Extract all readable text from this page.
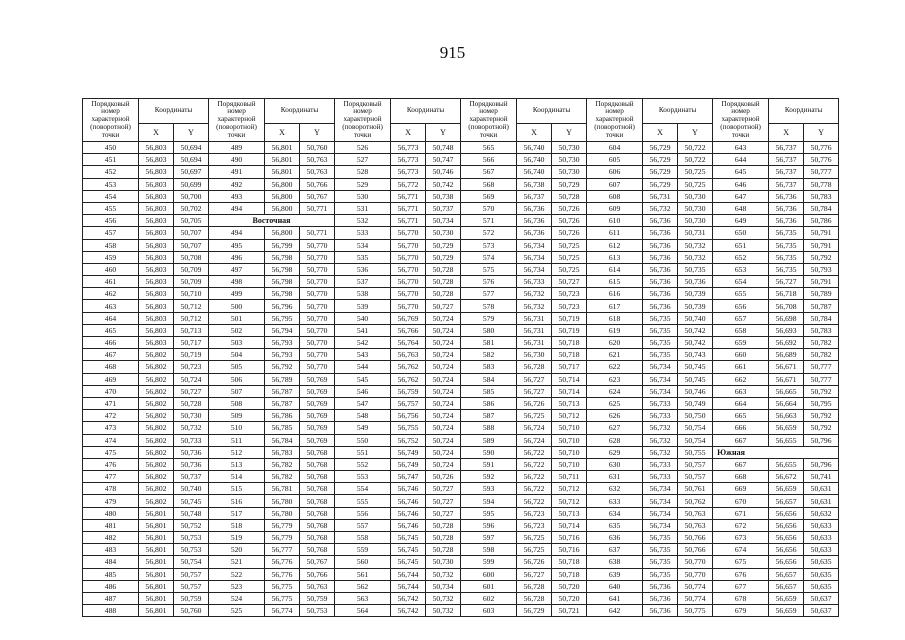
915
Порядковый номер характерной (поворотной) точки	Координаты		Порядковый номер характерной (поворотной) точки	Координаты		Порядковый номер характерной (поворотной) точки	Координаты		Порядковый номер характерной (поворотной) точки	Координаты		Порядковый номер характерной (поворотной) точки	Координаты		Порядковый номер характерной (поворотной) точки	Координаты	
	X	Y		X	Y		X	Y		X	Y		X	Y		X	Y
450	56,803	50,694	489	56,801	50,760	526	56,773	50,748	565	56,740	50,730	604	56,729	50,722	643	56,737	50,776
451	56,803	50,694	490	56,801	50,763	527	56,773	50,747	566	56,740	50,730	605	56,729	50,722	644	56,737	50,776
452	56,803	50,697	491	56,801	50,763	528	56,773	50,746	567	56,740	50,730	606	56,729	50,725	645	56,737	50,777
453	56,803	50,699	492	56,800	50,766	529	56,772	50,742	568	56,738	50,729	607	56,729	50,725	646	56,737	50,778
454	56,803	50,700	493	56,800	50,767	530	56,771	50,738	569	56,737	50,728	608	56,731	50,730	647	56,736	50,783
455	56,803	50,702	494	56,800	50,771	531	56,771	50,737	570	56,736	50,726	609	56,732	50,730	648	56,736	50,784
456	56,803	50,705	Восточная			532	56,771	50,734	571	56,736	50,726	610	56,736	50,730	649	56,736	50,786
457	56,803	50,707	494	56,800	50,771	533	56,770	50,730	572	56,736	50,726	611	56,736	50,731	650	56,735	50,791
458	56,803	50,707	495	56,799	50,770	534	56,770	50,729	573	56,734	50,725	612	56,736	50,732	651	56,735	50,791
459	56,803	50,708	496	56,798	50,770	535	56,770	50,729	574	56,734	50,725	613	56,736	50,732	652	56,735	50,792
460	56,803	50,709	497	56,798	50,770	536	56,770	50,728	575	56,734	50,725	614	56,736	50,735	653	56,735	50,793
461	56,803	50,709	498	56,798	50,770	537	56,770	50,728	576	56,733	50,727	615	56,736	50,736	654	56,727	50,791
462	56,803	50,710	499	56,798	50,770	538	56,770	50,728	577	56,732	50,723	616	56,736	50,739	655	56,718	50,789
463	56,803	50,712	500	56,796	50,770	539	56,770	50,727	578	56,732	50,723	617	56,736	50,739	656	56,708	50,787
464	56,803	50,712	501	56,795	50,770	540	56,769	50,724	579	56,731	50,719	618	56,735	50,740	657	56,698	50,784
465	56,803	50,713	502	56,794	50,770	541	56,766	50,724	580	56,731	50,719	619	56,735	50,742	658	56,693	50,783
466	56,803	50,717	503	56,793	50,770	542	56,764	50,724	581	56,731	50,718	620	56,735	50,742	659	56,692	50,782
467	56,802	50,719	504	56,793	50,770	543	56,763	50,724	582	56,730	50,718	621	56,735	50,743	660	56,689	50,782
468	56,802	50,723	505	56,792	50,770	544	56,762	50,724	583	56,728	50,717	622	56,734	50,745	661	56,671	50,777
469	56,802	50,724	506	56,789	50,769	545	56,762	50,724	584	56,727	50,714	623	56,734	50,745	662	56,671	50,777
470	56,802	50,727	507	56,787	50,769	546	56,759	50,724	585	56,727	50,714	624	56,734	50,746	663	56,665	50,792
471	56,802	50,728	508	56,787	50,769	547	56,757	50,724	586	56,726	50,713	625	56,733	50,749	664	56,664	50,795
472	56,802	50,730	509	56,786	50,769	548	56,756	50,724	587	56,725	50,712	626	56,733	50,750	665	56,663	50,792
473	56,802	50,732	510	56,785	50,769	549	56,755	50,724	588	56,724	50,710	627	56,732	50,754	666	56,659	50,792
474	56,802	50,733	511	56,784	50,769	550	56,752	50,724	589	56,724	50,710	628	56,732	50,754	667	56,655	50,796
475	56,802	50,736	512	56,783	50,768	551	56,749	50,724	590	56,722	50,710	629	56,732	50,755	Южная		
476	56,802	50,736	513	56,782	50,768	552	56,749	50,724	591	56,722	50,710	630	56,733	50,757	667	56,655	50,796
477	56,802	50,737	514	56,782	50,768	553	56,747	50,726	592	56,722	50,711	631	56,733	50,757	668	56,672	50,741
478	56,802	50,740	515	56,781	50,768	554	56,746	50,727	593	56,722	50,712	632	56,734	50,761	669	56,659	50,631
479	56,802	50,745	516	56,780	50,768	555	56,746	50,727	594	56,722	50,712	633	56,734	50,762	670	56,657	50,631
480	56,801	50,748	517	56,780	50,768	556	56,746	50,727	595	56,723	50,713	634	56,734	50,763	671	56,656	50,632
481	56,801	50,752	518	56,779	50,768	557	56,746	50,728	596	56,723	50,714	635	56,734	50,763	672	56,656	50,633
482	56,801	50,753	519	56,779	50,768	558	56,745	50,728	597	56,725	50,716	636	56,735	50,766	673	56,656	50,633
483	56,801	50,753	520	56,777	50,768	559	56,745	50,728	598	56,725	50,716	637	56,735	50,766	674	56,656	50,633
484	56,801	50,754	521	56,776	50,767	560	56,745	50,730	599	56,726	50,718	638	56,735	50,770	675	56,656	50,635
485	56,801	50,757	522	56,776	50,766	561	56,744	50,732	600	56,727	50,718	639	56,735	50,770	676	56,657	50,635
486	56,801	50,757	523	56,775	50,763	562	56,744	50,734	601	56,728	50,720	640	56,736	50,774	677	56,657	50,635
487	56,801	50,759	524	56,775	50,759	563	56,742	50,732	602	56,728	50,720	641	56,736	50,774	678	56,659	50,637
488	56,801	50,760	525	56,774	50,753	564	56,742	50,732	603	56,729	50,721	642	56,736	50,775	679	56,659	50,637
